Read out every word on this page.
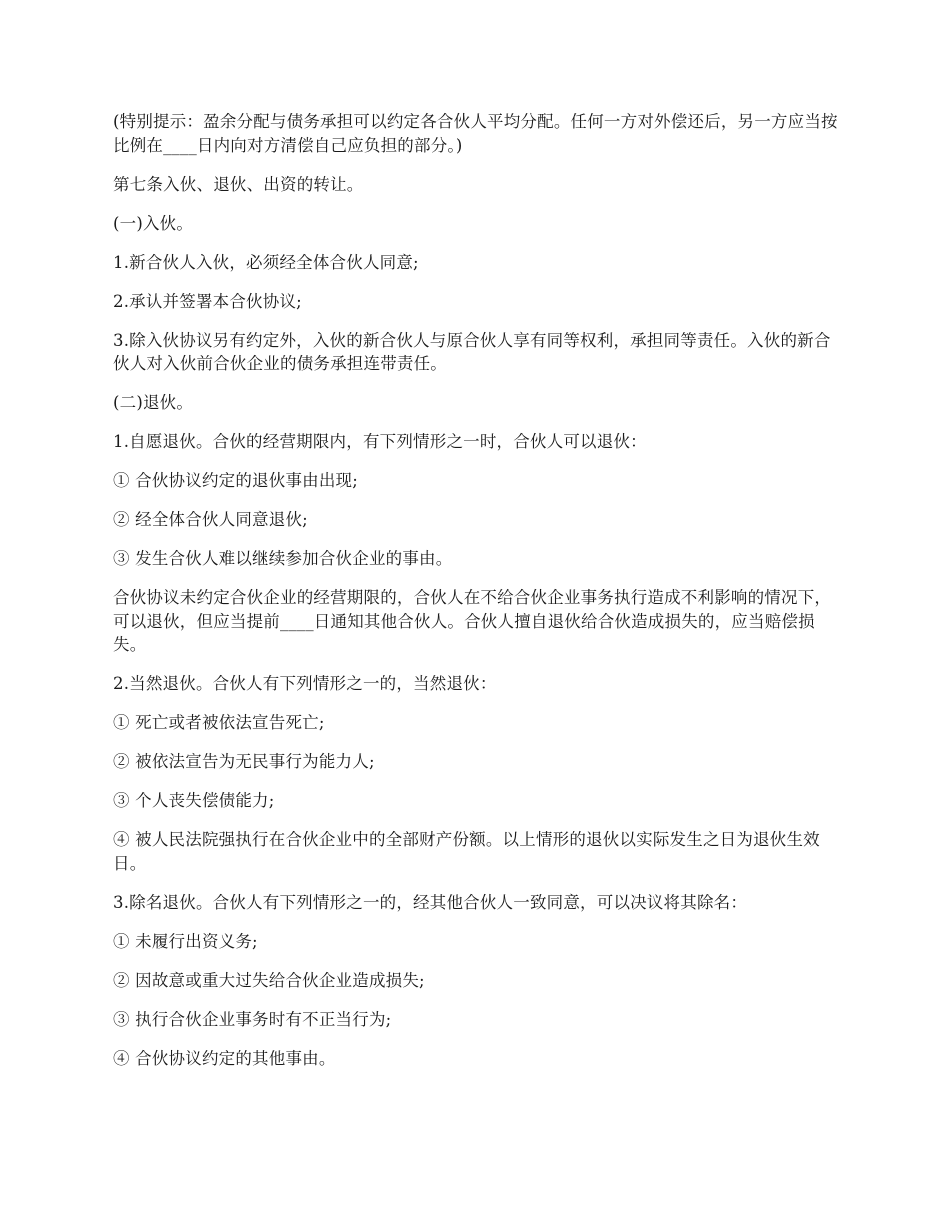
(特别提示：盈余分配与债务承担可以约定各合伙人平均分配。任何一方对外偿还后，另一方应当按比例在____日内向对方清偿自己应负担的部分。)

第七条入伙、退伙、出资的转让。

(一)入伙。

1.新合伙人入伙，必须经全体合伙人同意;

2.承认并签署本合伙协议;

3.除入伙协议另有约定外，入伙的新合伙人与原合伙人享有同等权利，承担同等责任。入伙的新合伙人对入伙前合伙企业的债务承担连带责任。

(二)退伙。

1.自愿退伙。合伙的经营期限内，有下列情形之一时，合伙人可以退伙：

① 合伙协议约定的退伙事由出现;

② 经全体合伙人同意退伙;

③ 发生合伙人难以继续参加合伙企业的事由。

合伙协议未约定合伙企业的经营期限的，合伙人在不给合伙企业事务执行造成不利影响的情况下，可以退伙，但应当提前____日通知其他合伙人。合伙人擅自退伙给合伙造成损失的，应当赔偿损失。

2.当然退伙。合伙人有下列情形之一的，当然退伙：

① 死亡或者被依法宣告死亡;

② 被依法宣告为无民事行为能力人;

③ 个人丧失偿债能力;

④ 被人民法院强执行在合伙企业中的全部财产份额。以上情形的退伙以实际发生之日为退伙生效日。

3.除名退伙。合伙人有下列情形之一的，经其他合伙人一致同意，可以决议将其除名：

① 未履行出资义务;

② 因故意或重大过失给合伙企业造成损失;

③ 执行合伙企业事务时有不正当行为;

④ 合伙协议约定的其他事由。
